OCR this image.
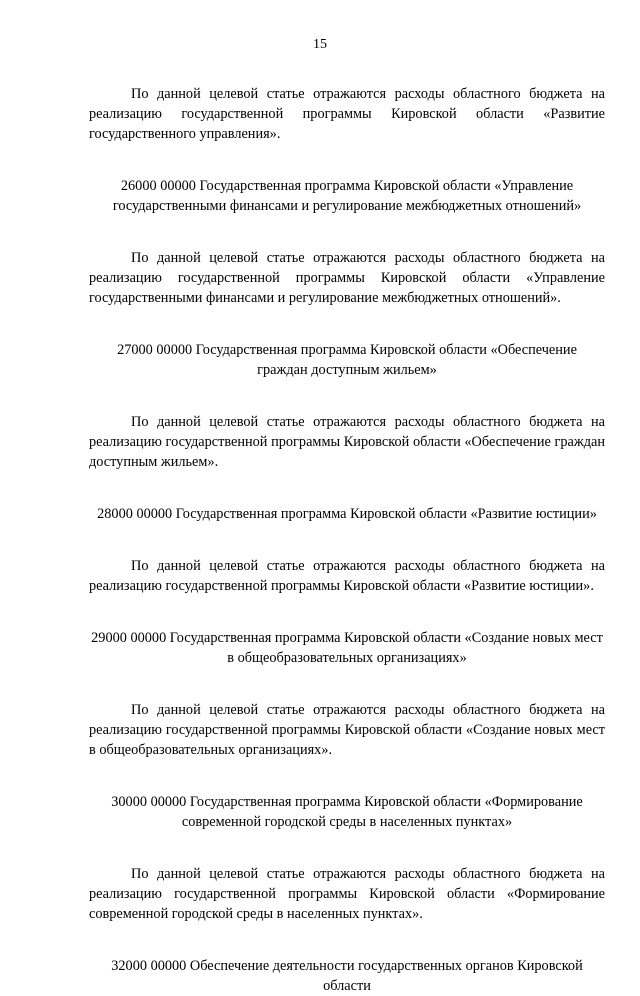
15

По данной целевой статье отражаются расходы областного бюджета на реализацию государственной программы Кировской области «Развитие государственного управления».

26000 00000 Государственная программа Кировской области «Управление государственными финансами и регулирование межбюджетных отношений»

По данной целевой статье отражаются расходы областного бюджета на реализацию государственной программы Кировской области «Управление государственными финансами и регулирование межбюджетных отношений».

27000 00000 Государственная программа Кировской области «Обеспечение граждан доступным жильем»

По данной целевой статье отражаются расходы областного бюджета на реализацию государственной программы Кировской области «Обеспечение граждан доступным жильем».

28000 00000 Государственная программа Кировской области «Развитие юстиции»

По данной целевой статье отражаются расходы областного бюджета на реализацию государственной программы Кировской области «Развитие юстиции».

29000 00000 Государственная программа Кировской области «Создание новых мест в общеобразовательных организациях»

По данной целевой статье отражаются расходы областного бюджета на реализацию государственной программы Кировской области «Создание новых мест в общеобразовательных организациях».

30000 00000 Государственная программа Кировской области «Формирование современной городской среды в населенных пунктах»

По данной целевой статье отражаются расходы областного бюджета на реализацию государственной программы Кировской области «Формирование современной городской среды в населенных пунктах».

32000 00000 Обеспечение деятельности государственных органов Кировской области
